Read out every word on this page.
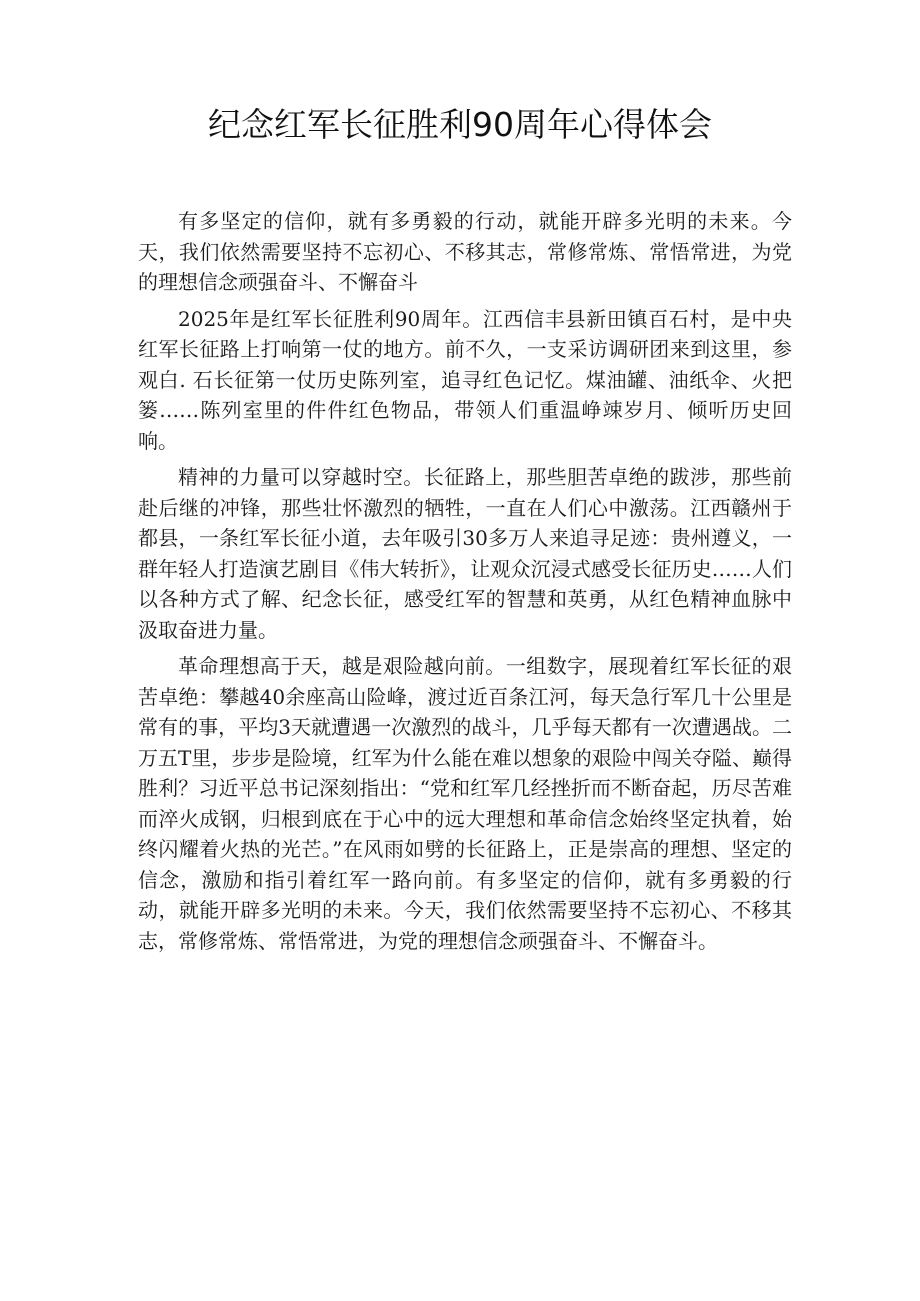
纪念红军长征胜利90周年心得体会

有多坚定的信仰，就有多勇毅的行动，就能开辟多光明的未来。今天，我们依然需要坚持不忘初心、不移其志，常修常炼、常悟常进，为党的理想信念顽强奋斗、不懈奋斗

2025年是红军长征胜利90周年。江西信丰县新田镇百石村，是中央红军长征路上打响第一仗的地方。前不久，一支采访调研团来到这里，参观白. 石长征第一仗历史陈列室，追寻红色记忆。煤油罐、油纸伞、火把篓……陈列室里的件件红色物品，带领人们重温峥竦岁月、倾听历史回响。

精神的力量可以穿越时空。长征路上，那些胆苦卓绝的跋涉，那些前赴后继的冲锋，那些壮怀激烈的牺牲，一直在人们心中激荡。江西赣州于都县，一条红军长征小道，去年吸引30多万人来追寻足迹：贵州遵义，一群年轻人打造演艺剧目《伟大转折》，让观众沉浸式感受长征历史……人们以各种方式了解、纪念长征，感受红军的智慧和英勇，从红色精神血脉中汲取奋进力量。

革命理想高于天，越是艰险越向前。一组数字，展现着红军长征的艰苦卓绝：攀越40余座高山险峰，渡过近百条江河，每天急行军几十公里是常有的事，平均3天就遭遇一次激烈的战斗，几乎每天都有一次遭遇战。二万五T里，步步是险境，红军为什么能在难以想象的艰险中闯关夺隘、巅得胜利？习近平总书记深刻指出：“党和红军几经挫折而不断奋起，历尽苦难而淬火成钢，归根到底在于心中的远大理想和革命信念始终坚定执着，始终闪耀着火热的光芒。”在风雨如劈的长征路上，正是崇高的理想、坚定的信念，激励和指引着红军一路向前。有多坚定的信仰，就有多勇毅的行动，就能开辟多光明的未来。今天，我们依然需要坚持不忘初心、不移其志，常修常炼、常悟常进，为党的理想信念顽强奋斗、不懈奋斗。
